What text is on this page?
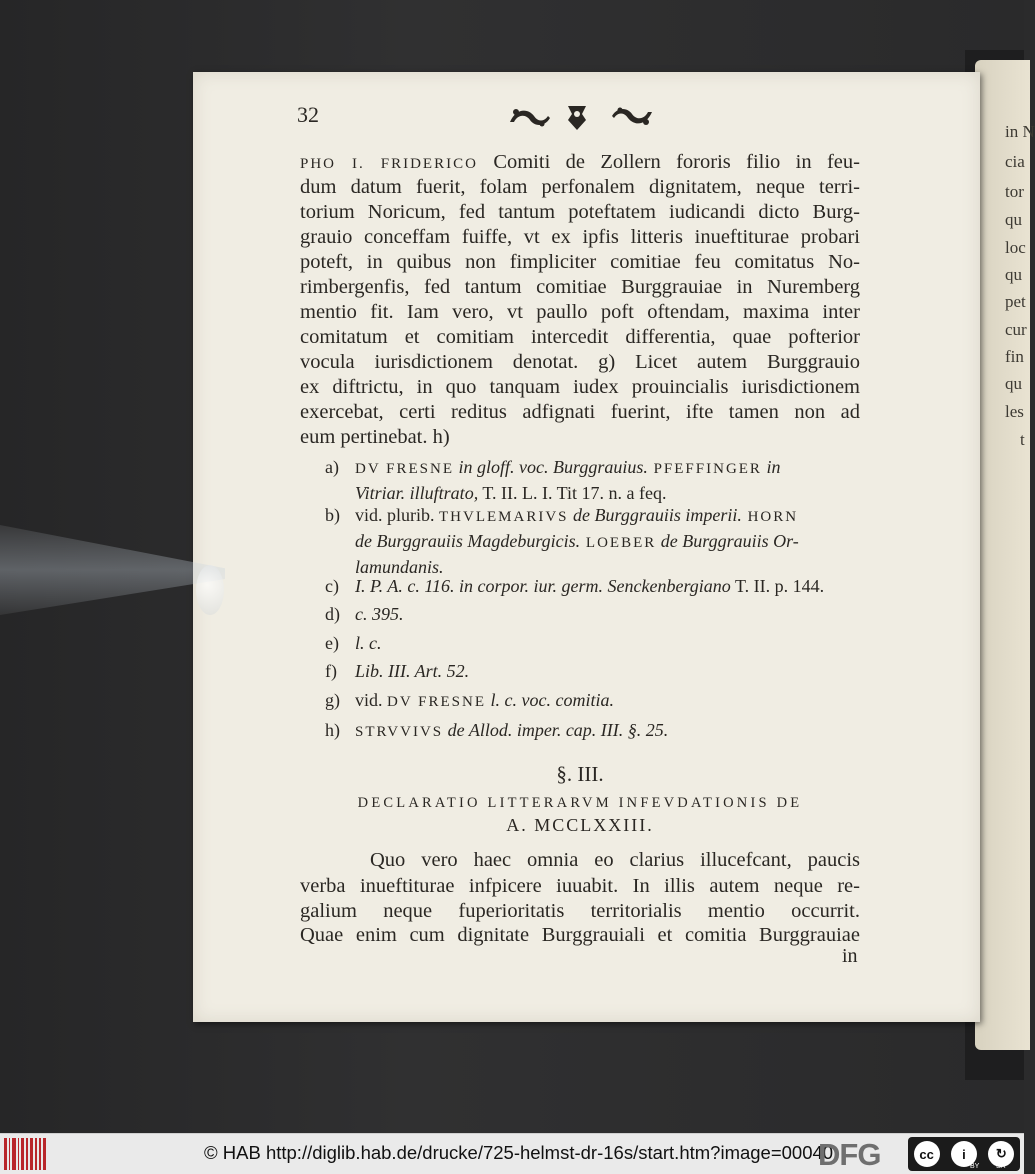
in N
cia
tor
qu
loc
qu
pet
cur
fin
qu
les
t
32
PHO I. FRIDERICO Comiti de Zollern fororis filio in feu-
dum datum fuerit, folam perfonalem dignitatem, neque terri-
torium Noricum, fed tantum poteftatem iudicandi dicto Burg-
grauio conceffam fuiffe, vt ex ipfis litteris inueftiturae probari
poteft, in quibus non fimpliciter comitiae feu comitatus No-
rimbergenfis, fed tantum comitiae Burggrauiae in Nuremberg
mentio fit. Iam vero, vt paullo poft oftendam, maxima inter
comitatum et comitiam intercedit differentia, quae pofterior
vocula iurisdictionem denotat. g) Licet autem Burggrauio
ex diftrictu, in quo tanquam iudex prouincialis iurisdictionem
exercebat, certi reditus adfignati fuerint, ifte tamen non ad
eum pertinebat. h)
a) DV FRESNE in gloff. voc. Burggrauius. PFEFFINGER in
Vitriar. illuftrato, T. II. L. I. Tit 17. n. a feq.
b) vid. plurib. THVLEMARIVS de Burggrauiis imperii. HORN
de Burggrauiis Magdeburgicis. LOEBER de Burggrauiis Or-
lamundanis.
c) I. P. A. c. 116. in corpor. iur. germ. Senckenbergiano T. II. p. 144.
d) c. 395.
e) l. c.
f) Lib. III. Art. 52.
g) vid. DV FRESNE l. c. voc. comitia.
h) STRVVIVS de Allod. imper. cap. III. §. 25.
§. III.
DECLARATIO LITTERARVM INFEVDATIONIS DE
A. MCCLXXIII.
Quo vero haec omnia eo clarius illucefcant, paucis
verba inueftiturae infpicere iuuabit. In illis autem neque re-
galium neque fuperioritatis territorialis mentio occurrit.
Quae enim cum dignitate Burggrauiali et comitia Burggrauiae
in
© HAB http://diglib.hab.de/drucke/725-helmst-dr-16s/start.htm?image=00040
DFG	cc	i	↻
BY SA
